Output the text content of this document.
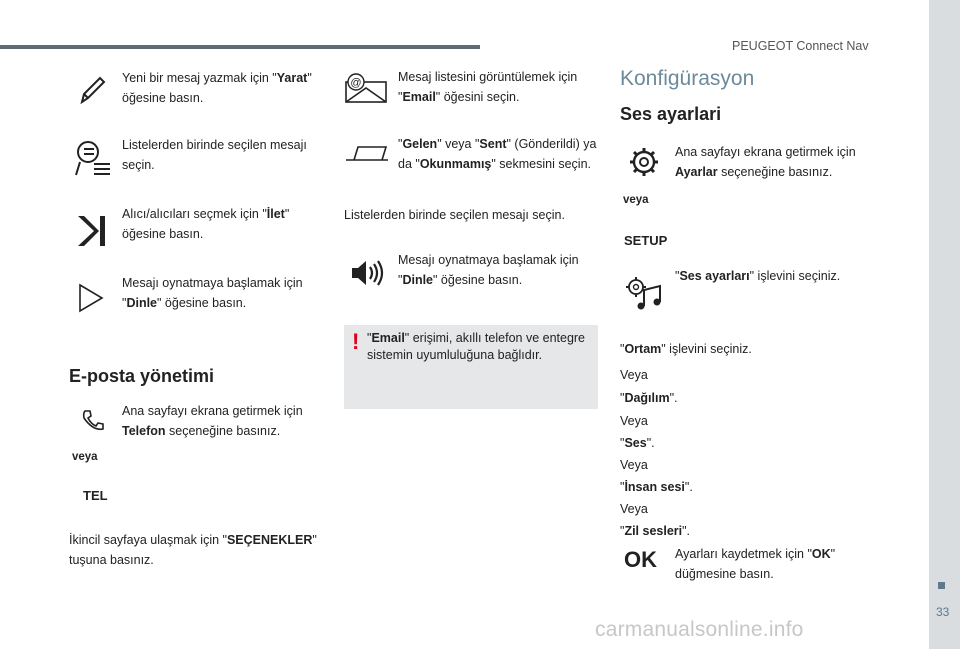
PEUGEOT Connect Nav
33
carmanualsonline.info
Yeni bir mesaj yazmak için "Yarat" öğesine basın.
Listelerden birinde seçilen mesajı seçin.
Alıcı/alıcıları seçmek için "İlet" öğesine basın.
Mesajı oynatmaya başlamak için "Dinle" öğesine basın.
E-posta yönetimi
Ana sayfayı ekrana getirmek için Telefon seçeneğine basınız.
veya
TEL
İkincil sayfaya ulaşmak için "SEÇENEKLER" tuşuna basınız.
@	Mesaj listesini görüntülemek için "Email" öğesini seçin.
"Gelen" veya "Sent" (Gönderildi) ya da "Okunmamış" sekmesini seçin.
Listelerden birinde seçilen mesajı seçin.
Mesajı oynatmaya başlamak için "Dinle" öğesine basın.
! "Email" erişimi, akıllı telefon ve entegre sistemin uyumluluğuna bağlıdır.
Konfigürasyon
Ses ayarlari
Ana sayfayı ekrana getirmek için Ayarlar seçeneğine basınız.
veya
SETUP
"Ses ayarları" işlevini seçiniz.
"Ortam" işlevini seçiniz.
Veya
"Dağılım".
Veya
"Ses".
Veya
"İnsan sesi".
Veya
"Zil sesleri".
OK Ayarları kaydetmek için "OK" düğmesine basın.
